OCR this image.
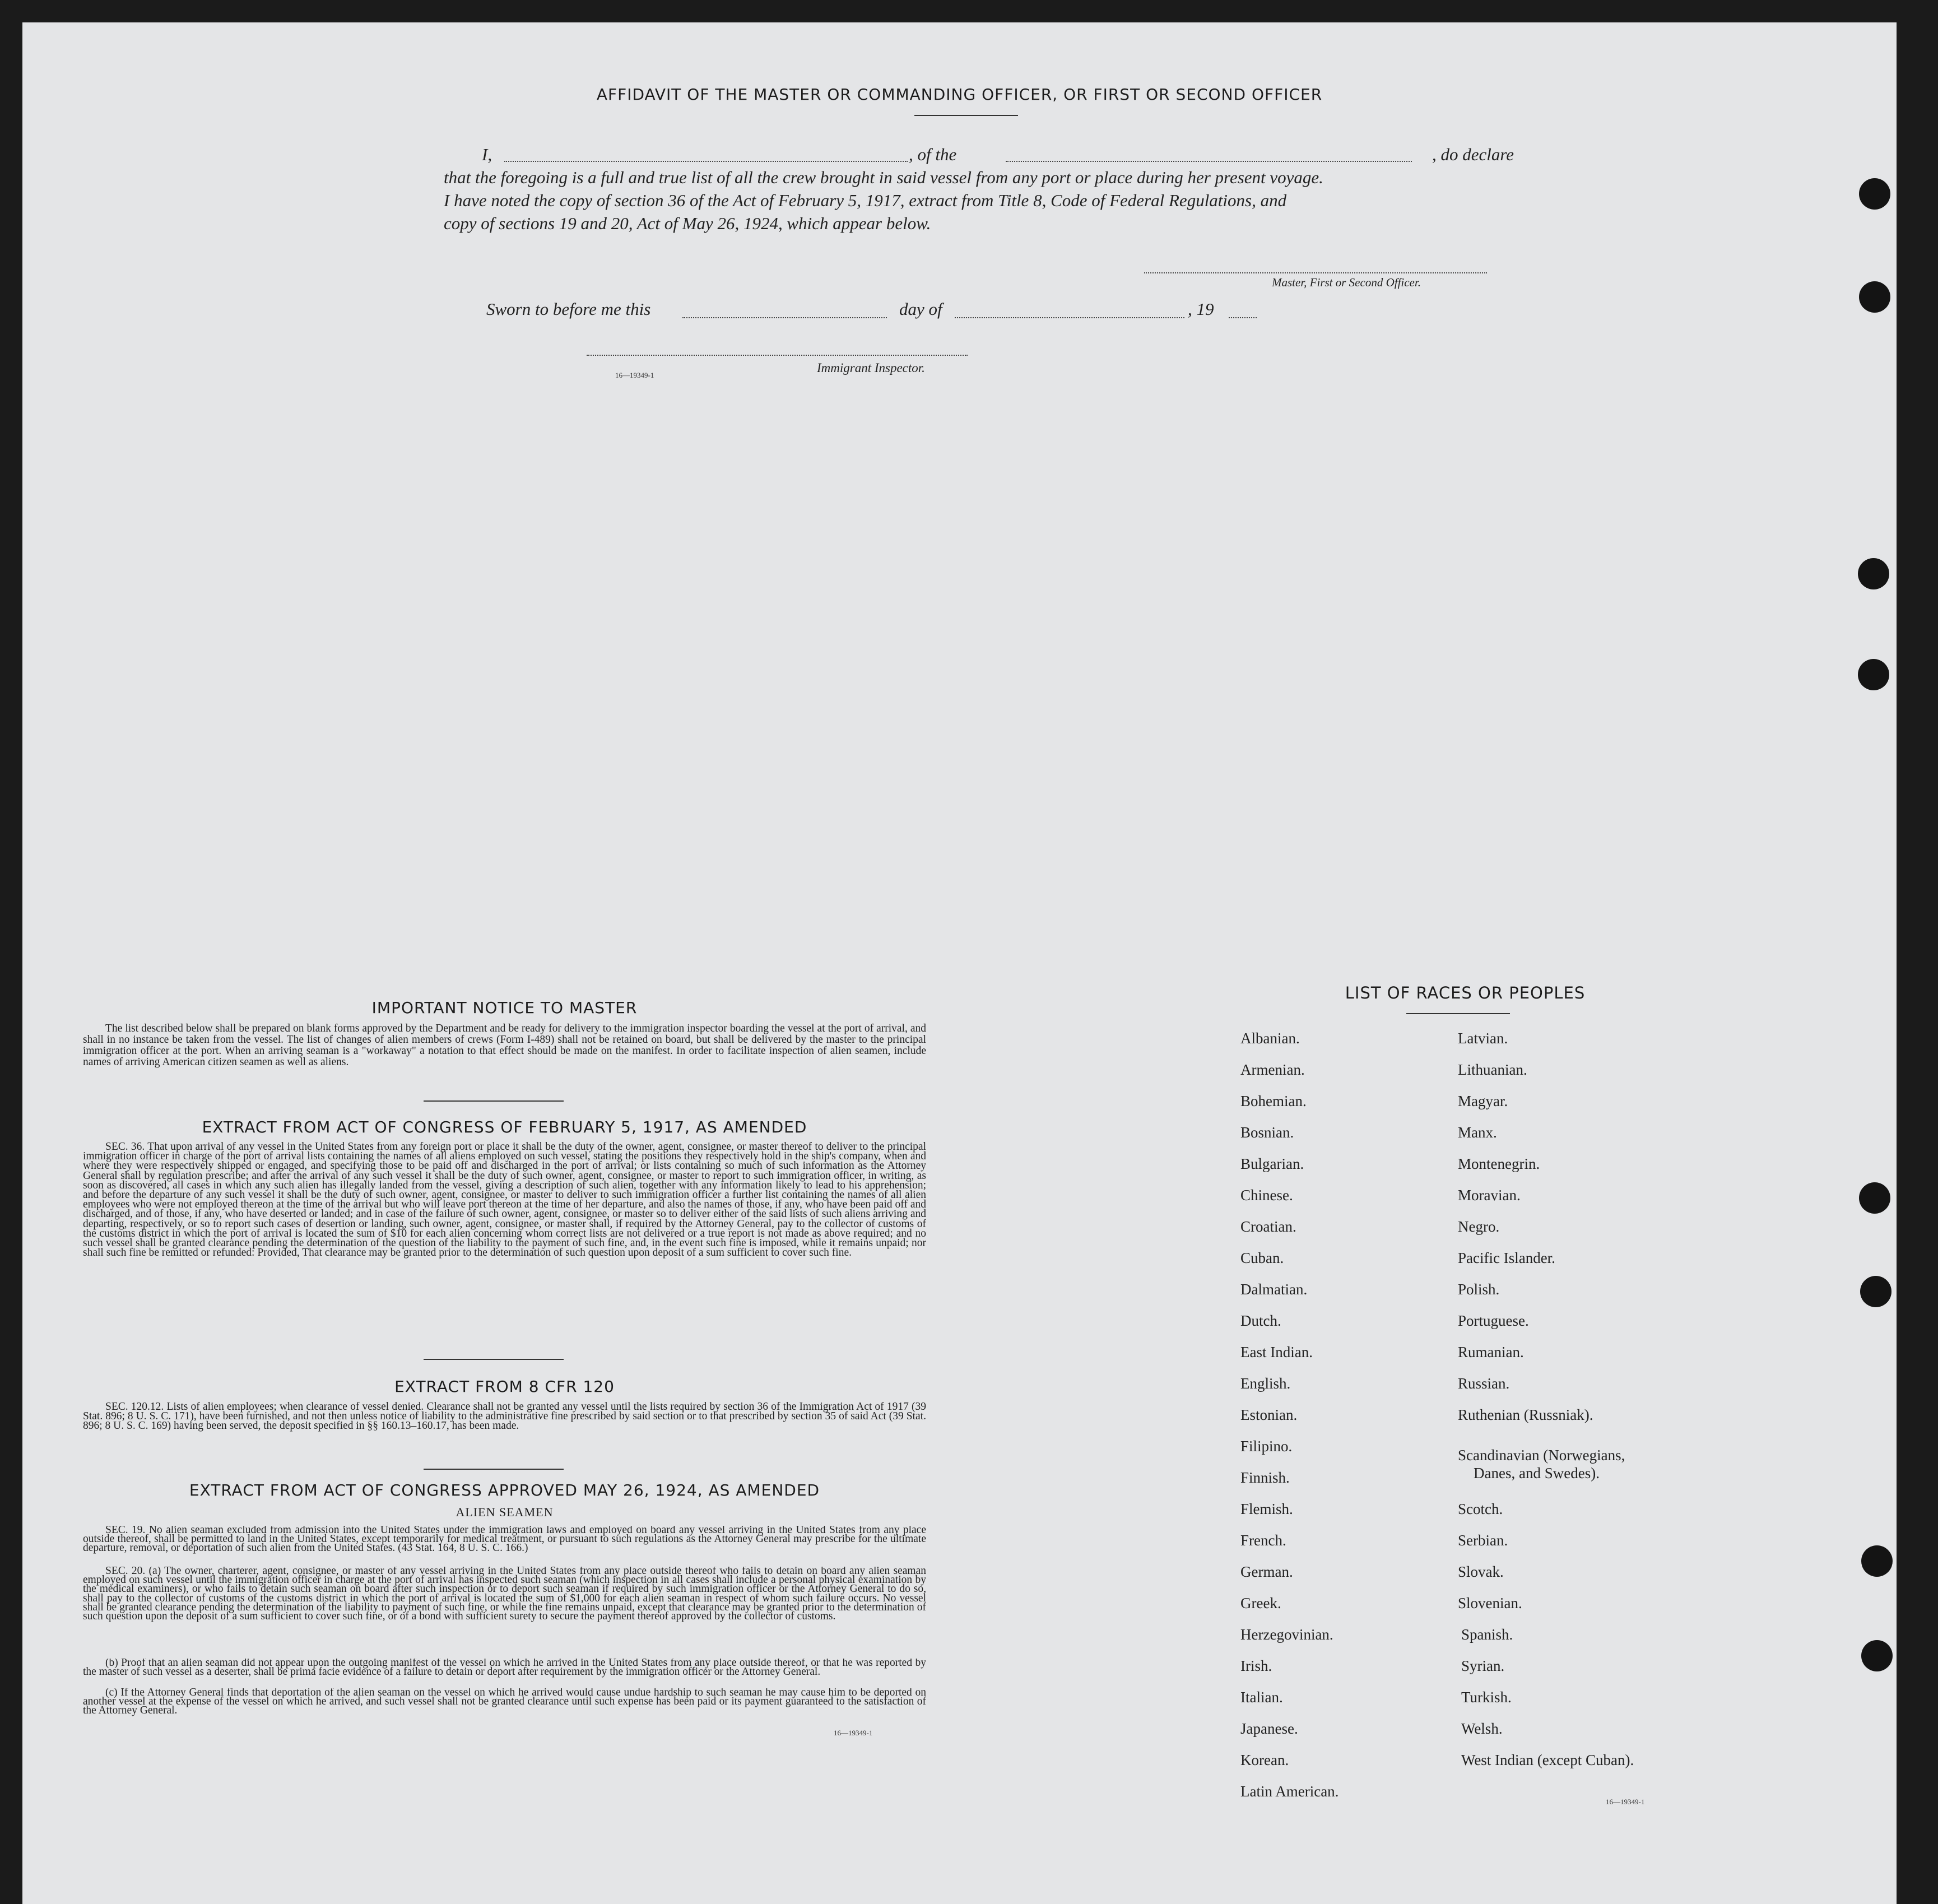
AFFIDAVIT OF THE MASTER OR COMMANDING OFFICER, OR FIRST OR SECOND OFFICER
I,	, of the	, do declare
that the foregoing is a full and true list of all the crew brought in said vessel from any port or place during her present voyage.
I have noted the copy of section 36 of the Act of February 5, 1917, extract from Title 8, Code of Federal Regulations, and
copy of sections 19 and 20, Act of May 26, 1924, which appear below.
Master, First or Second Officer.
Sworn to before me this	day of	, 19
16—19349-1
Immigrant Inspector.
IMPORTANT NOTICE TO MASTER
The list described below shall be prepared on blank forms approved by the Department and be ready for delivery to the immigration inspector boarding the vessel at the port of arrival, and shall in no instance be taken from the vessel. The list of changes of alien members of crews (Form I-489) shall not be retained on board, but shall be delivered by the master to the principal immigration officer at the port. When an arriving seaman is a "workaway" a notation to that effect should be made on the manifest. In order to facilitate inspection of alien seamen, include names of arriving American citizen seamen as well as aliens.
EXTRACT FROM ACT OF CONGRESS OF FEBRUARY 5, 1917, AS AMENDED
SEC. 36. That upon arrival of any vessel in the United States from any foreign port or place it shall be the duty of the owner, agent, consignee, or master thereof to deliver to the principal immigration officer in charge of the port of arrival lists containing the names of all aliens employed on such vessel, stating the positions they respectively hold in the ship's company, when and where they were respectively shipped or engaged, and specifying those to be paid off and discharged in the port of arrival; or lists containing so much of such information as the Attorney General shall by regulation prescribe; and after the arrival of any such vessel it shall be the duty of such owner, agent, consignee, or master to report to such immigration officer, in writing, as soon as discovered, all cases in which any such alien has illegally landed from the vessel, giving a description of such alien, together with any information likely to lead to his apprehension; and before the departure of any such vessel it shall be the duty of such owner, agent, consignee, or master to deliver to such immigration officer a further list containing the names of all alien employees who were not employed thereon at the time of the arrival but who will leave port thereon at the time of her departure, and also the names of those, if any, who have been paid off and discharged, and of those, if any, who have deserted or landed; and in case of the failure of such owner, agent, consignee, or master so to deliver either of the said lists of such aliens arriving and departing, respectively, or so to report such cases of desertion or landing, such owner, agent, consignee, or master shall, if required by the Attorney General, pay to the collector of customs of the customs district in which the port of arrival is located the sum of $10 for each alien concerning whom correct lists are not delivered or a true report is not made as above required; and no such vessel shall be granted clearance pending the determination of the question of the liability to the payment of such fine, and, in the event such fine is imposed, while it remains unpaid; nor shall such fine be remitted or refunded: Provided, That clearance may be granted prior to the determination of such question upon deposit of a sum sufficient to cover such fine.
EXTRACT FROM 8 CFR 120
SEC. 120.12. Lists of alien employees; when clearance of vessel denied. Clearance shall not be granted any vessel until the lists required by section 36 of the Immigration Act of 1917 (39 Stat. 896; 8 U. S. C. 171), have been furnished, and not then unless notice of liability to the administrative fine prescribed by said section or to that prescribed by section 35 of said Act (39 Stat. 896; 8 U. S. C. 169) having been served, the deposit specified in §§ 160.13–160.17, has been made.
EXTRACT FROM ACT OF CONGRESS APPROVED MAY 26, 1924, AS AMENDED
ALIEN SEAMEN
SEC. 19. No alien seaman excluded from admission into the United States under the immigration laws and employed on board any vessel arriving in the United States from any place outside thereof, shall be permitted to land in the United States, except temporarily for medical treatment, or pursuant to such regulations as the Attorney General may prescribe for the ultimate departure, removal, or deportation of such alien from the United States. (43 Stat. 164, 8 U. S. C. 166.)
SEC. 20. (a) The owner, charterer, agent, consignee, or master of any vessel arriving in the United States from any place outside thereof who fails to detain on board any alien seaman employed on such vessel until the immigration officer in charge at the port of arrival has inspected such seaman (which inspection in all cases shall include a personal physical examination by the medical examiners), or who fails to detain such seaman on board after such inspection or to deport such seaman if required by such immigration officer or the Attorney General to do so, shall pay to the collector of customs of the customs district in which the port of arrival is located the sum of $1,000 for each alien seaman in respect of whom such failure occurs. No vessel shall be granted clearance pending the determination of the liability to payment of such fine, or while the fine remains unpaid, except that clearance may be granted prior to the determination of such question upon the deposit of a sum sufficient to cover such fine, or of a bond with sufficient surety to secure the payment thereof approved by the collector of customs.
(b) Proof that an alien seaman did not appear upon the outgoing manifest of the vessel on which he arrived in the United States from any place outside thereof, or that he was reported by the master of such vessel as a deserter, shall be prima facie evidence of a failure to detain or deport after requirement by the immigration officer or the Attorney General.
(c) If the Attorney General finds that deportation of the alien seaman on the vessel on which he arrived would cause undue hardship to such seaman he may cause him to be deported on another vessel at the expense of the vessel on which he arrived, and such vessel shall not be granted clearance until such expense has been paid or its payment guaranteed to the satisfaction of the Attorney General.
16—19349-1
LIST OF RACES OR PEOPLES
Albanian.
Armenian.
Bohemian.
Bosnian.
Bulgarian.
Chinese.
Croatian.
Cuban.
Dalmatian.
Dutch.
East Indian.
English.
Estonian.
Filipino.
Finnish.
Flemish.
French.
German.
Greek.
Herzegovinian.
Irish.
Italian.
Japanese.
Korean.
Latin American.
Latvian.
Lithuanian.
Magyar.
Manx.
Montenegrin.
Moravian.
Negro.
Pacific Islander.
Polish.
Portuguese.
Rumanian.
Russian.
Ruthenian (Russniak).
Scandinavian (Norwegians,
Danes, and Swedes).
Scotch.
Serbian.
Slovak.
Slovenian.
Spanish.
Syrian.
Turkish.
Welsh.
West Indian (except Cuban).
16—19349-1
